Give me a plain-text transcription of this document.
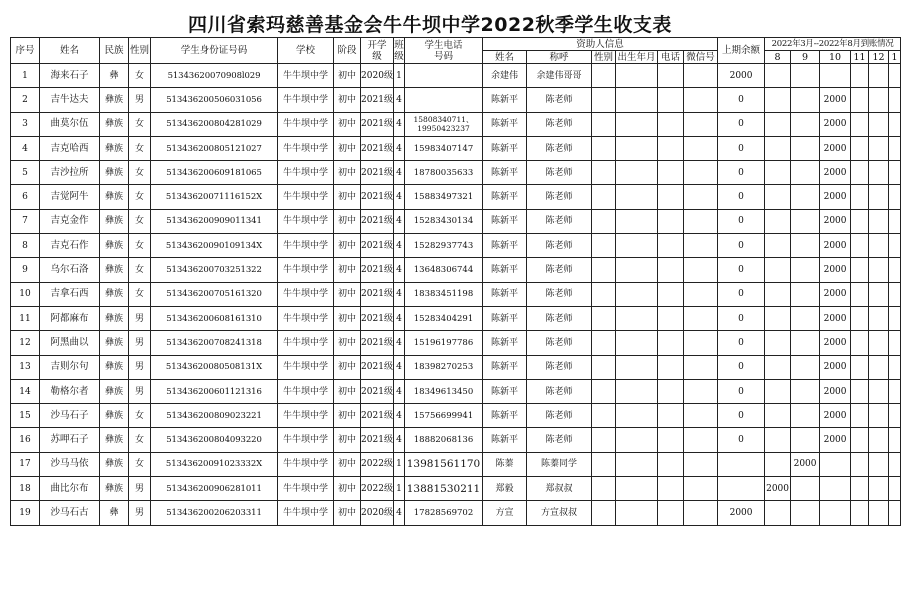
四川省索玛慈善基金会牛牛坝中学2022秋季学生收支表
序号	姓名	民族	性别	学生身份证号码	学校	阶段	开学级	班级	学生电话号码	资助人信息						上期余额	2022年3月--2022年8月到账情况					
										姓名	称呼	性别	出生年月	电话	微信号		8	9	10	11	12	1
1	海来石子	彝	女	51343620070908l029	牛牛坝中学	初中	2020级	1		余建伟	余建伟哥哥					2000						
2	吉牛达夫	彝族	男	513436200506031056	牛牛坝中学	初中	2021级	4		陈新平	陈老师					0			2000			
3	曲莫尔伍	彝族	女	513436200804281029	牛牛坝中学	初中	2021级	4	15808340711、19950423237	陈新平	陈老师					0			2000			
4	吉克哈西	彝族	女	513436200805121027	牛牛坝中学	初中	2021级	4	15983407147	陈新平	陈老师					0			2000			
5	吉沙拉所	彝族	女	513436200609181065	牛牛坝中学	初中	2021级	4	18780035633	陈新平	陈老师					0			2000			
6	吉觉阿牛	彝族	女	51343620071116152X	牛牛坝中学	初中	2021级	4	15883497321	陈新平	陈老师					0			2000			
7	吉克金作	彝族	女	513436200909011341	牛牛坝中学	初中	2021级	4	15283430134	陈新平	陈老师					0			2000			
8	吉克石作	彝族	女	51343620090109134X	牛牛坝中学	初中	2021级	4	15282937743	陈新平	陈老师					0			2000			
9	乌尔石洛	彝族	女	513436200703251322	牛牛坝中学	初中	2021级	4	13648306744	陈新平	陈老师					0			2000			
10	吉拿石西	彝族	女	513436200705161320	牛牛坝中学	初中	2021级	4	18383451198	陈新平	陈老师					0			2000			
11	阿都麻布	彝族	男	513436200608161310	牛牛坝中学	初中	2021级	4	15283404291	陈新平	陈老师					0			2000			
12	阿黑曲以	彝族	男	513436200708241318	牛牛坝中学	初中	2021级	4	15196197786	陈新平	陈老师					0			2000			
13	吉则尔句	彝族	男	51343620080508131X	牛牛坝中学	初中	2021级	4	18398270253	陈新平	陈老师					0			2000			
14	勒格尔者	彝族	男	513436200601121316	牛牛坝中学	初中	2021级	4	18349613450	陈新平	陈老师					0			2000			
15	沙马石子	彝族	女	513436200809023221	牛牛坝中学	初中	2021级	4	15756699941	陈新平	陈老师					0			2000			
16	苏呷石子	彝族	女	513436200804093220	牛牛坝中学	初中	2021级	4	18882068136	陈新平	陈老师					0			2000			
17	沙马马依	彝族	女	51343620091023332X	牛牛坝中学	初中	2022级	1	13981561170	陈蓁	陈蓁同学							2000				
18	曲比尔布	彝族	男	513436200906281011	牛牛坝中学	初中	2022级	1	13881530211	郑毅	郑叔叔						2000					
19	沙马石古	彝	男	513436200206203311	牛牛坝中学	初中	2020级	4	17828569702	方宣	方宣叔叔					2000						
